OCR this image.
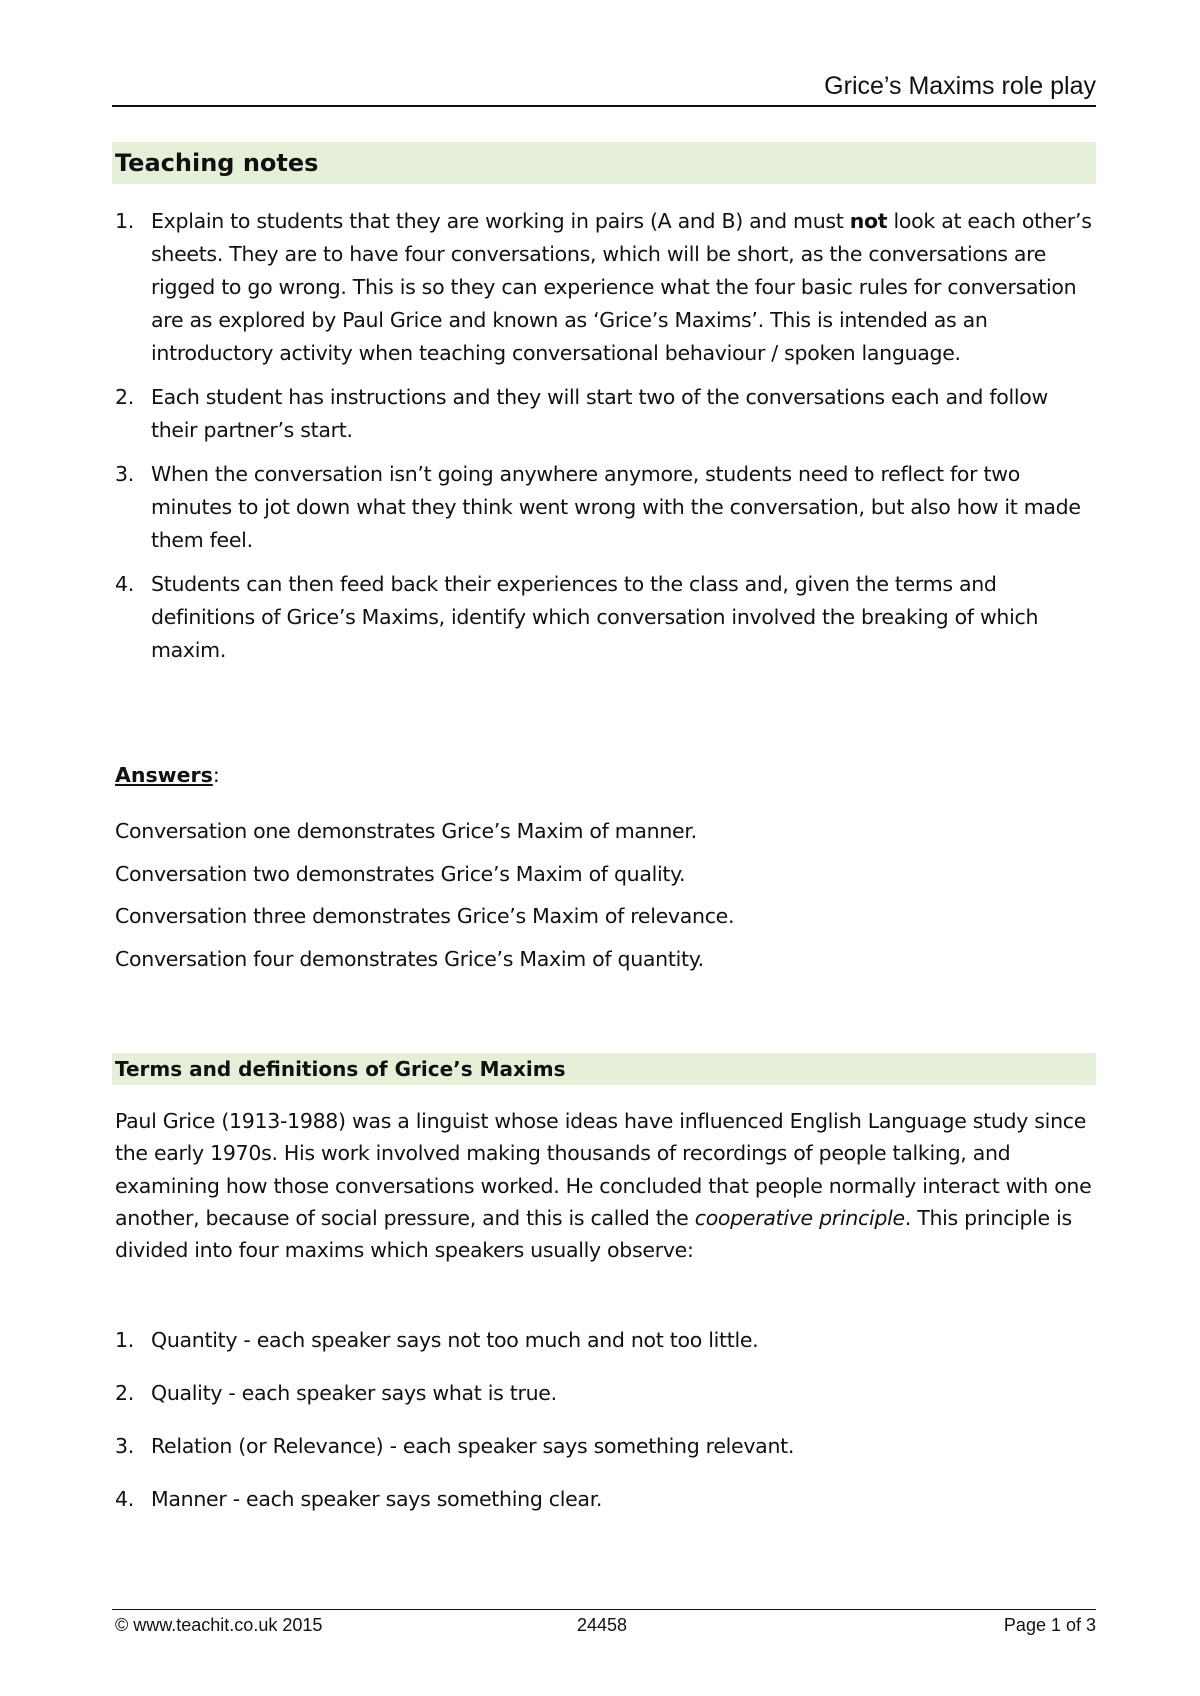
Grice’s Maxims role play
Teaching notes
1. Explain to students that they are working in pairs (A and B) and must not look at each other’s sheets. They are to have four conversations, which will be short, as the conversations are rigged to go wrong. This is so they can experience what the four basic rules for conversation are as explored by Paul Grice and known as ‘Grice’s Maxims’. This is intended as an introductory activity when teaching conversational behaviour / spoken language.
2. Each student has instructions and they will start two of the conversations each and follow their partner’s start.
3. When the conversation isn’t going anywhere anymore, students need to reflect for two minutes to jot down what they think went wrong with the conversation, but also how it made them feel.
4. Students can then feed back their experiences to the class and, given the terms and definitions of Grice’s Maxims, identify which conversation involved the breaking of which maxim.
Answers:

Conversation one demonstrates Grice’s Maxim of manner.

Conversation two demonstrates Grice’s Maxim of quality.

Conversation three demonstrates Grice’s Maxim of relevance.

Conversation four demonstrates Grice’s Maxim of quantity.

Terms and definitions of Grice’s Maxims

Paul Grice (1913-1988) was a linguist whose ideas have influenced English Language study since the early 1970s. His work involved making thousands of recordings of people talking, and examining how those conversations worked. He concluded that people normally interact with one another, because of social pressure, and this is called the cooperative principle. This principle is divided into four maxims which speakers usually observe:

1. Quantity - each speaker says not too much and not too little.
2. Quality - each speaker says what is true.
3. Relation (or Relevance) - each speaker says something relevant.
4. Manner - each speaker says something clear.
© www.teachit.co.uk 2015	24458	Page 1 of 3
